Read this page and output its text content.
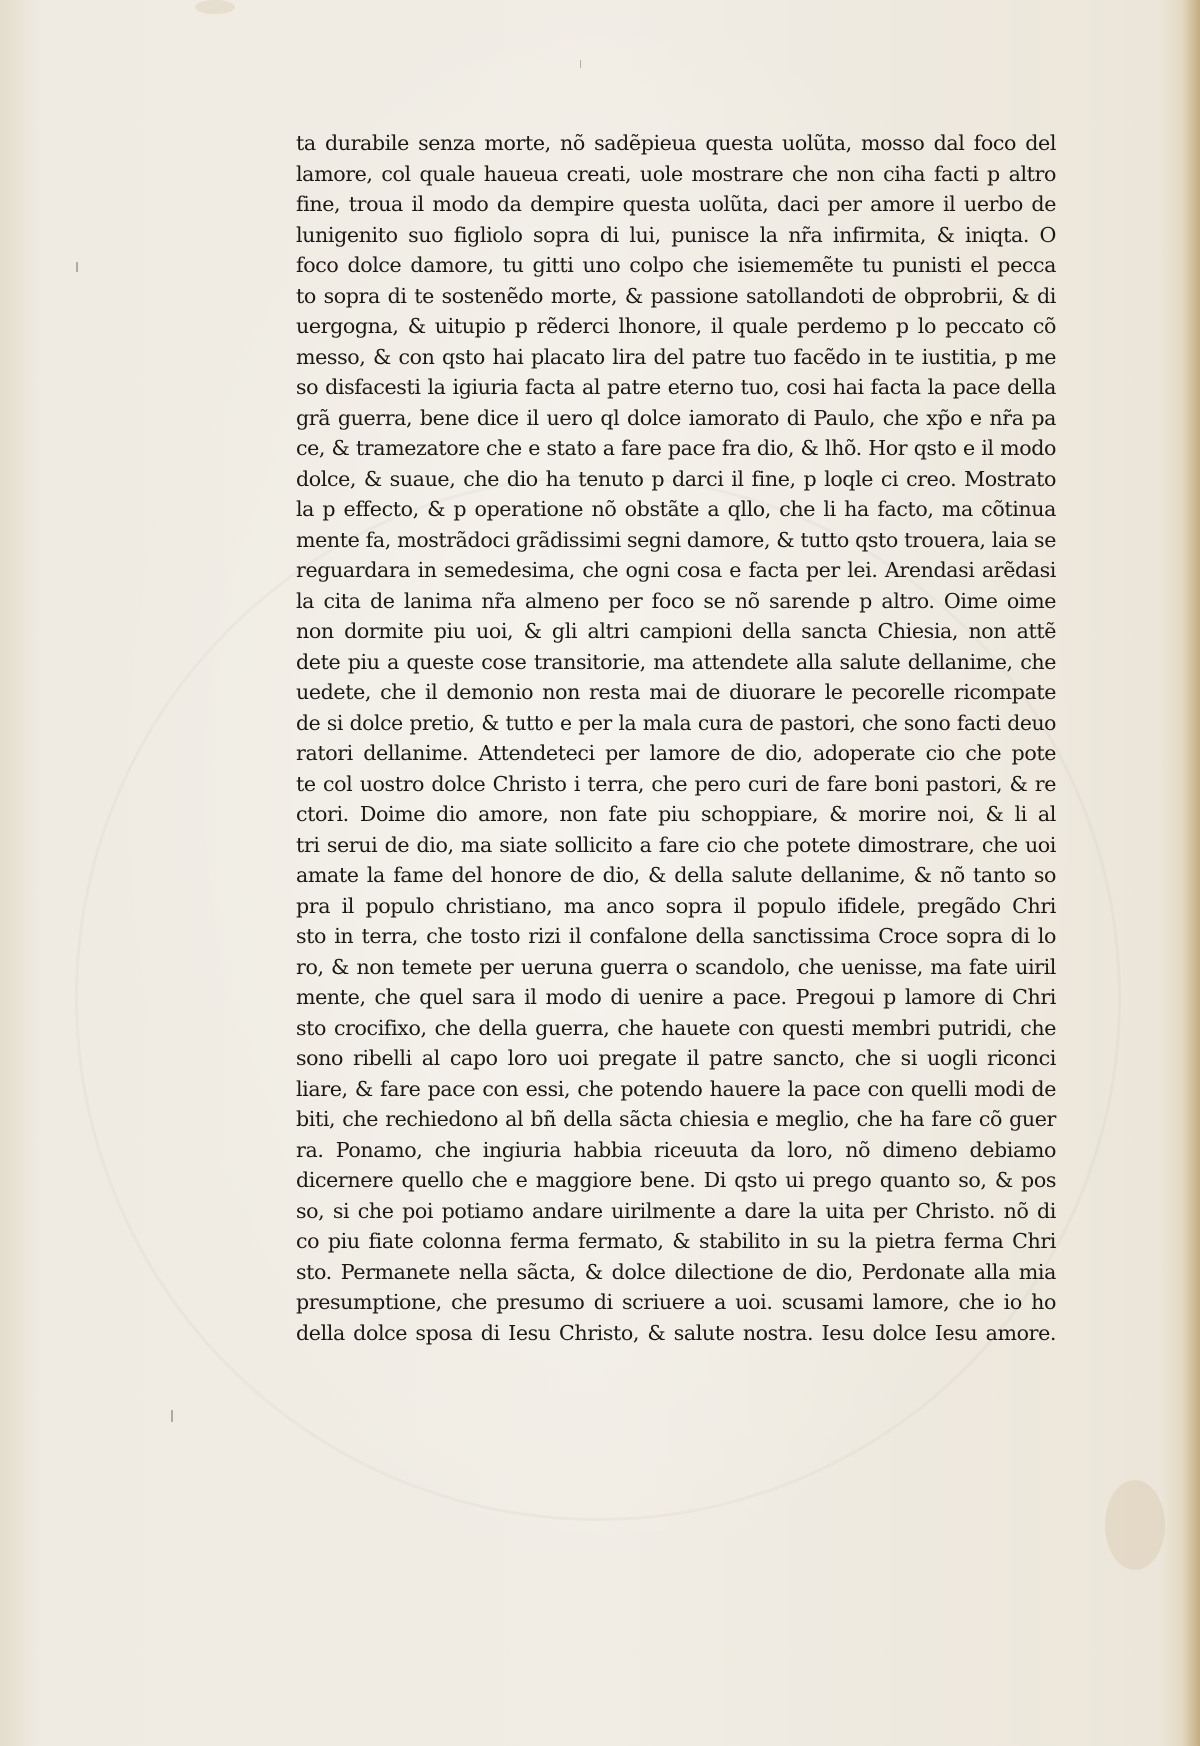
ta durabile senza morte, nõ sadẽpieua questa uolũta, mosso dal foco del
lamore, col quale haueua creati, uole mostrare che non ciha facti p altro
fine, troua il modo da dempire questa uolũta, daci per amore il uerbo de
lunigenito suo figliolo sopra di lui, punisce la nr̃a infirmita, & iniqta. O
foco dolce damore, tu gitti uno colpo che isiememẽte tu punisti el pecca
to sopra di te sostenẽdo morte, & passione satollandoti de obprobrii, & di
uergogna, & uitupio p rẽderci lhonore, il quale perdemo p lo peccato cõ
messo, & con qsto hai placato lira del patre tuo facẽdo in te iustitia, p me
so disfacesti la igiuria facta al patre eterno tuo, cosi hai facta la pace della
grã guerra, bene dice il uero ql dolce iamorato di Paulo, che xp̃o e nr̃a pa
ce, & tramezatore che e stato a fare pace fra dio, & lhõ. Hor qsto e il modo
dolce, & suaue, che dio ha tenuto p darci il fine, p loqle ci creo. Mostrato
la p effecto, & p operatione nõ obstãte a qllo, che li ha facto, ma cõtinua
mente fa, mostrãdoci grãdissimi segni damore, & tutto qsto trouera, laia se
reguardara in semedesima, che ogni cosa e facta per lei. Arendasi arẽdasi
la cita de lanima nr̃a almeno per foco se nõ sarende p altro. Oime oime
non dormite piu uoi, & gli altri campioni della sancta Chiesia, non attẽ
dete piu a queste cose transitorie, ma attendete alla salute dellanime, che
uedete, che il demonio non resta mai de diuorare le pecorelle ricompate
de si dolce pretio, & tutto e per la mala cura de pastori, che sono facti deuo
ratori dellanime. Attendeteci per lamore de dio, adoperate cio che pote
te col uostro dolce Christo i terra, che pero curi de fare boni pastori, & re
ctori. Doime dio amore, non fate piu schoppiare, & morire noi, & li al
tri serui de dio, ma siate sollicito a fare cio che potete dimostrare, che uoi
amate la fame del honore de dio, & della salute dellanime, & nõ tanto so
pra il populo christiano, ma anco sopra il populo ifidele, pregãdo Chri
sto in terra, che tosto rizi il confalone della sanctissima Croce sopra di lo
ro, & non temete per ueruna guerra o scandolo, che uenisse, ma fate uiril
mente, che quel sara il modo di uenire a pace. Pregoui p lamore di Chri
sto crocifixo, che della guerra, che hauete con questi membri putridi, che
sono ribelli al capo loro uoi pregate il patre sancto, che si uogli riconci
liare, & fare pace con essi, che potendo hauere la pace con quelli modi de
biti, che rechiedono al bñ della sãcta chiesia e meglio, che ha fare cõ guer
ra. Ponamo, che ingiuria habbia riceuuta da loro, nõ dimeno debiamo
dicernere quello che e maggiore bene. Di qsto ui prego quanto so, & pos
so, si che poi potiamo andare uirilmente a dare la uita per Christo. nõ di
co piu fiate colonna ferma fermato, & stabilito in su la pietra ferma Chri
sto. Permanete nella sãcta, & dolce dilectione de dio, Perdonate alla mia
presumptione, che presumo di scriuere a uoi. scusami lamore, che io ho
della dolce sposa di Iesu Christo, & salute nostra. Iesu dolce Iesu amore.
